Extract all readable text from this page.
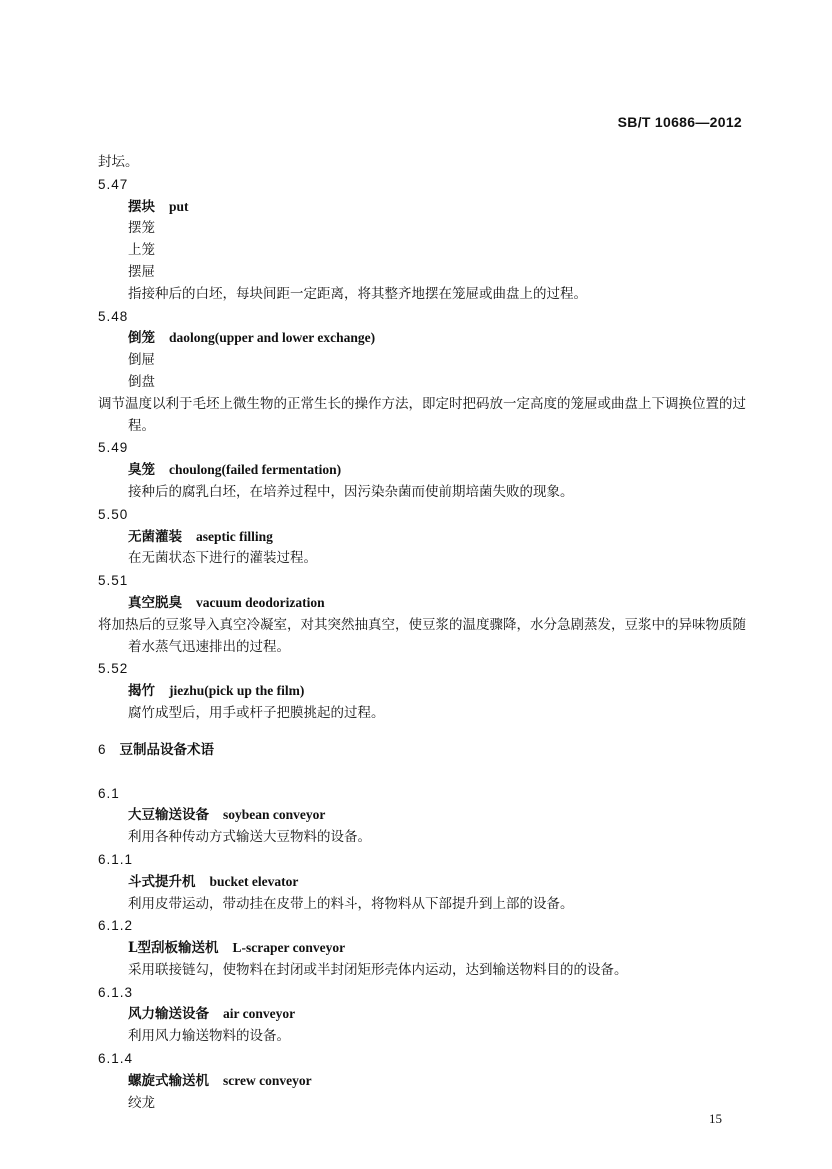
SB/T 10686—2012
封坛。
5.47
摆块 put
摆笼
上笼
摆屉
指接种后的白坯，每块间距一定距离，将其整齐地摆在笼屉或曲盘上的过程。
5.48
倒笼 daolong(upper and lower exchange)
倒屉
倒盘
调节温度以利于毛坯上微生物的正常生长的操作方法，即定时把码放一定高度的笼屉或曲盘上下调换位置的过程。
5.49
臭笼 choulong(failed fermentation)
接种后的腐乳白坯，在培养过程中，因污染杂菌而使前期培菌失败的现象。
5.50
无菌灌装 aseptic filling
在无菌状态下进行的灌装过程。
5.51
真空脱臭 vacuum deodorization
将加热后的豆浆导入真空冷凝室，对其突然抽真空，使豆浆的温度骤降，水分急剧蒸发，豆浆中的异味物质随着水蒸气迅速排出的过程。
5.52
揭竹 jiezhu(pick up the film)
腐竹成型后，用手或杆子把膜挑起的过程。
6 豆制品设备术语
6.1
大豆输送设备 soybean conveyor
利用各种传动方式输送大豆物料的设备。
6.1.1
斗式提升机 bucket elevator
利用皮带运动，带动挂在皮带上的料斗，将物料从下部提升到上部的设备。
6.1.2
L型刮板输送机 L-scraper conveyor
采用联接链勾，使物料在封闭或半封闭矩形壳体内运动，达到输送物料目的的设备。
6.1.3
风力输送设备 air conveyor
利用风力输送物料的设备。
6.1.4
螺旋式输送机 screw conveyor
绞龙
15
